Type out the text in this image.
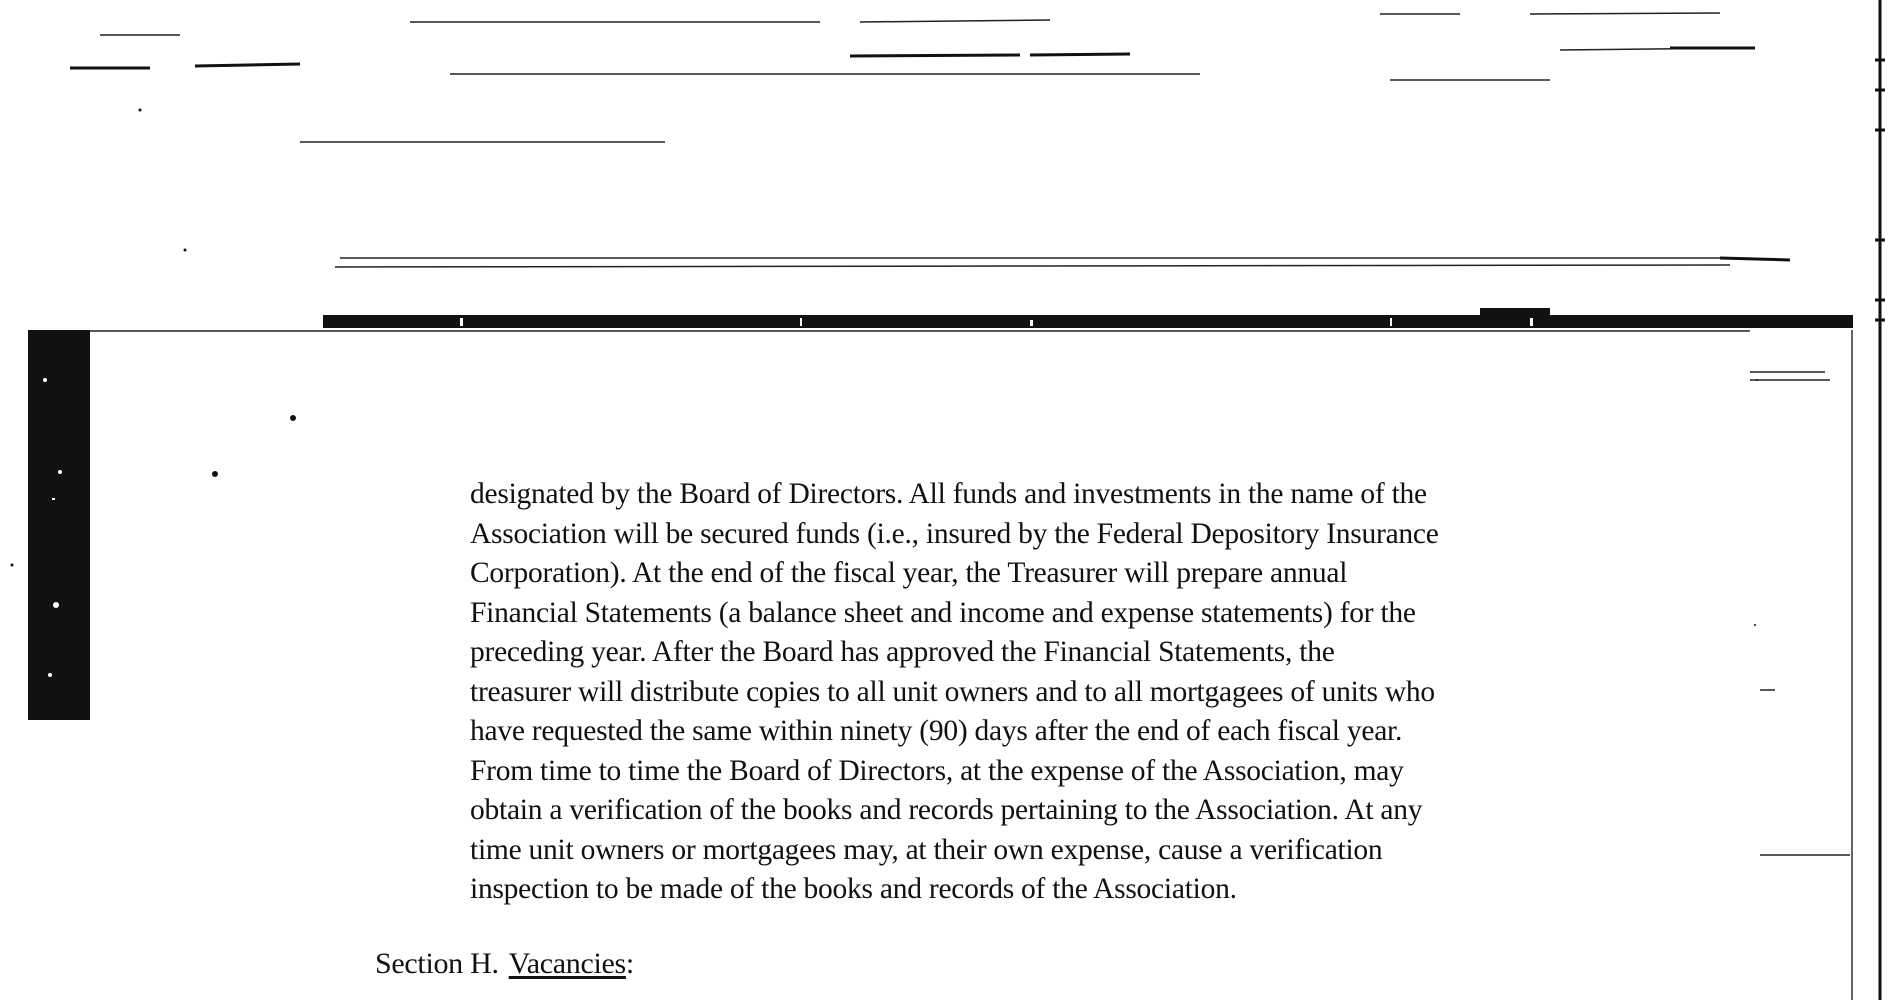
designated by the Board of Directors. All funds and investments in the name of the
Association will be secured funds (i.e., insured by the Federal Depository Insurance
Corporation). At the end of the fiscal year, the Treasurer will prepare annual
Financial Statements (a balance sheet and income and expense statements) for the
preceding year. After the Board has approved the Financial Statements, the
treasurer will distribute copies to all unit owners and to all mortgagees of units who
have requested the same within ninety (90) days after the end of each fiscal year.
From time to time the Board of Directors, at the expense of the Association, may
obtain a verification of the books and records pertaining to the Association. At any
time unit owners or mortgagees may, at their own expense, cause a verification
inspection to be made of the books and records of the Association.
Section H. Vacancies:
